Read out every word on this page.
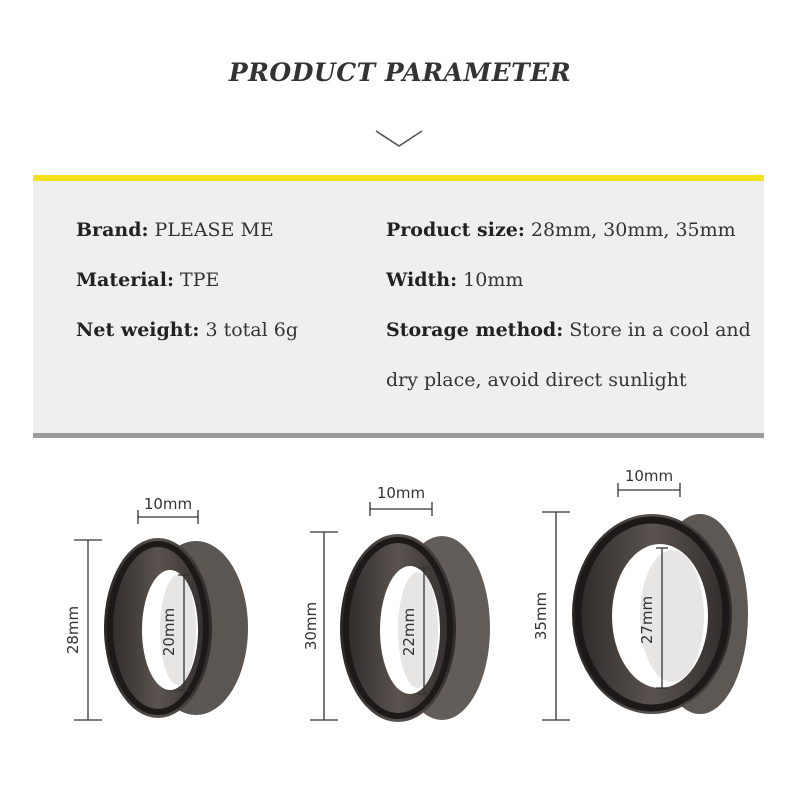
PRODUCT PARAMETER
Brand: PLEASE ME
Material: TPE
Net weight: 3 total 6g
Product size: 28mm, 30mm, 35mm
Width: 10mm
Storage method: Store in a cool and
dry place, avoid direct sunlight
10mm
28mm	20mm
10mm
30mm	22mm
10mm
35mm	27mm
